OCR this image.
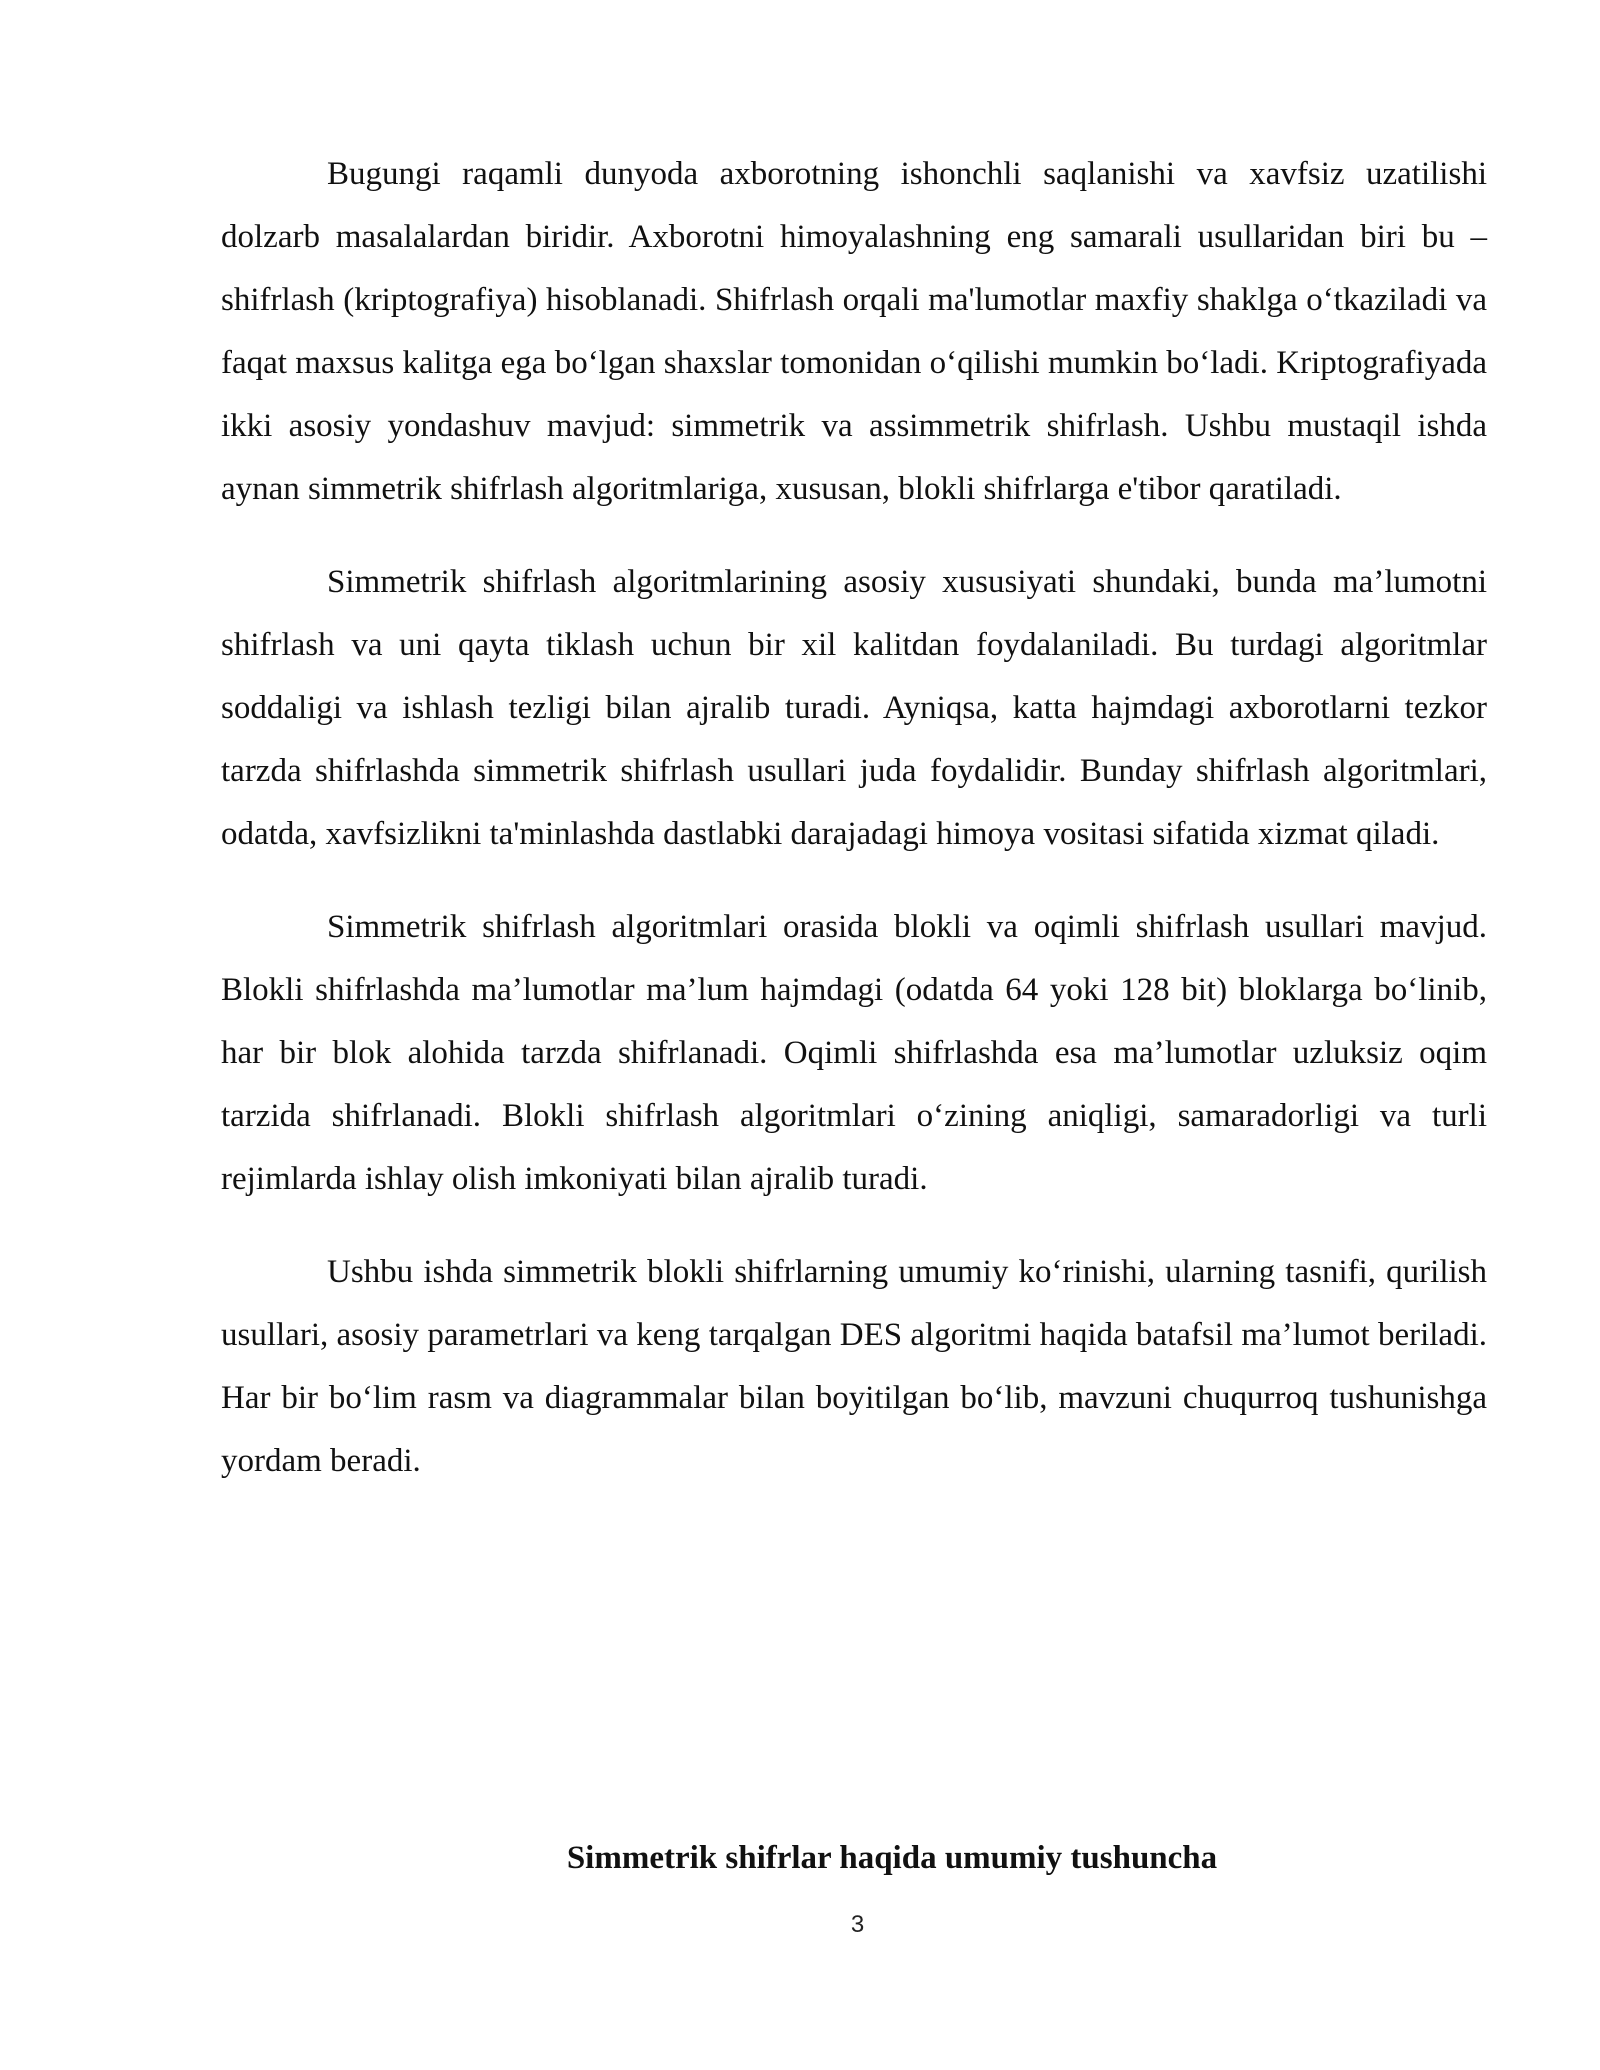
Bugungi raqamli dunyoda axborotning ishonchli saqlanishi va xavfsiz uzatilishi dolzarb masalalardan biridir. Axborotni himoyalashning eng samarali usullaridan biri bu – shifrlash (kriptografiya) hisoblanadi. Shifrlash orqali ma'lumotlar maxfiy shaklga oʻtkaziladi va faqat maxsus kalitga ega boʻlgan shaxslar tomonidan oʻqilishi mumkin boʻladi. Kriptografiyada ikki asosiy yondashuv mavjud: simmetrik va assimmetrik shifrlash. Ushbu mustaqil ishda aynan simmetrik shifrlash algoritmlariga, xususan, blokli shifrlarga e'tibor qaratiladi.

Simmetrik shifrlash algoritmlarining asosiy xususiyati shundaki, bunda ma’lumotni shifrlash va uni qayta tiklash uchun bir xil kalitdan foydalaniladi. Bu turdagi algoritmlar soddaligi va ishlash tezligi bilan ajralib turadi. Ayniqsa, katta hajmdagi axborotlarni tezkor tarzda shifrlashda simmetrik shifrlash usullari juda foydalidir. Bunday shifrlash algoritmlari, odatda, xavfsizlikni ta'minlashda dastlabki darajadagi himoya vositasi sifatida xizmat qiladi.

Simmetrik shifrlash algoritmlari orasida blokli va oqimli shifrlash usullari mavjud. Blokli shifrlashda ma’lumotlar ma’lum hajmdagi (odatda 64 yoki 128 bit) bloklarga boʻlinib, har bir blok alohida tarzda shifrlanadi. Oqimli shifrlashda esa ma’lumotlar uzluksiz oqim tarzida shifrlanadi. Blokli shifrlash algoritmlari oʻzining aniqligi, samaradorligi va turli rejimlarda ishlay olish imkoniyati bilan ajralib turadi.

Ushbu ishda simmetrik blokli shifrlarning umumiy koʻrinishi, ularning tasnifi, qurilish usullari, asosiy parametrlari va keng tarqalgan DES algoritmi haqida batafsil ma’lumot beriladi. Har bir boʻlim rasm va diagrammalar bilan boyitilgan boʻlib, mavzuni chuqurroq tushunishga yordam beradi.

Simmetrik shifrlar haqida umumiy tushuncha
3
